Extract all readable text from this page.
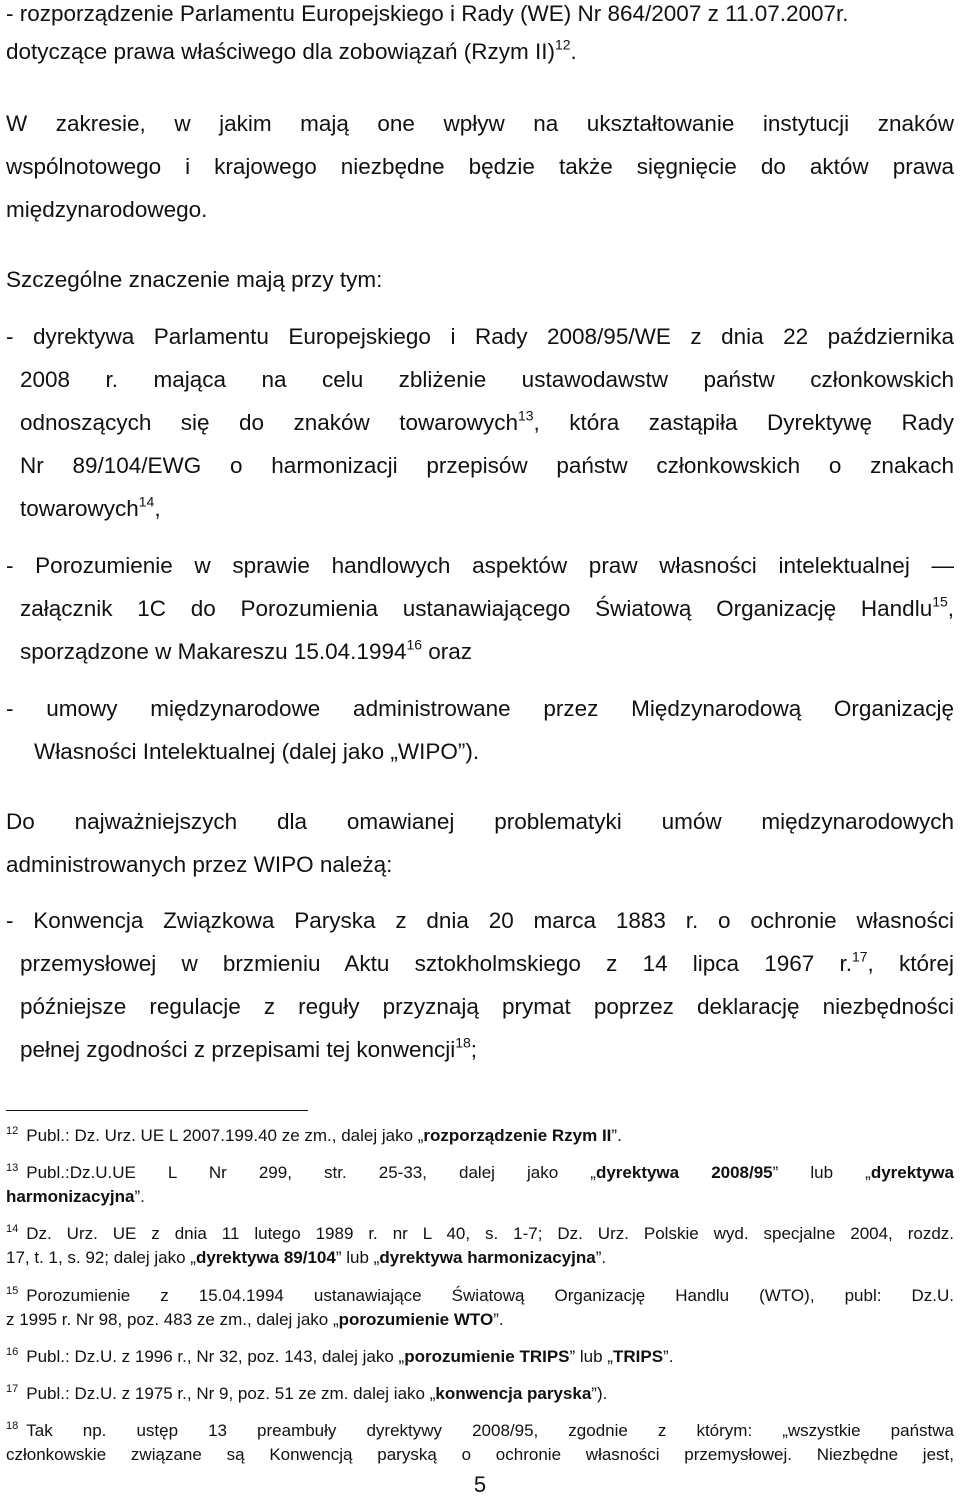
- rozporządzenie Parlamentu Europejskiego i Rady (WE) Nr 864/2007 z 11.07.2007r.
dotyczące prawa właściwego dla zobowiązań (Rzym II)$^{12}$.
W zakresie, w jakim mają one wpływ na ukształtowanie instytucji znaków
wspólnotowego i krajowego niezbędne będzie także sięgnięcie do aktów prawa
międzynarodowego.
Szczególne znaczenie mają przy tym:
- dyrektywa Parlamentu Europejskiego i Rady 2008/95/WE z dnia 22 października
2008 r. mająca na celu zbliżenie ustawodawstw państw członkowskich
odnoszących się do znaków towarowych$^{13}$, która zastąpiła Dyrektywę Rady
Nr 89/104/EWG o harmonizacji przepisów państw członkowskich o znakach
towarowych$^{14}$,
- Porozumienie w sprawie handlowych aspektów praw własności intelektualnej —
załącznik 1C do Porozumienia ustanawiającego Światową Organizację Handlu$^{15}$,
sporządzone w Makareszu 15.04.1994$^{16}$ oraz
- umowy międzynarodowe administrowane przez Międzynarodową Organizację
Własności Intelektualnej (dalej jako „WIPO”).
Do najważniejszych dla omawianej problematyki umów międzynarodowych
administrowanych przez WIPO należą:
- Konwencja Związkowa Paryska z dnia 20 marca 1883 r. o ochronie własności
przemysłowej w brzmieniu Aktu sztokholmskiego z 14 lipca 1967 r.$^{17}$, której
późniejsze regulacje z reguły przyznają prymat poprzez deklarację niezbędności
pełnej zgodności z przepisami tej konwencji$^{18}$;
$^{12}$ Publ.: Dz. Urz. UE L 2007.199.40 ze zm., dalej jako „rozporządzenie Rzym II”.
$^{13}$ Publ.:Dz.U.UE L Nr 299, str. 25-33, dalej jako „dyrektywa 2008/95” lub „dyrektywa
harmonizacyjna”.
$^{14}$ Dz. Urz. UE z dnia 11 lutego 1989 r. nr L 40, s. 1-7; Dz. Urz. Polskie wyd. specjalne 2004, rozdz.
17, t. 1, s. 92; dalej jako „dyrektywa 89/104” lub „dyrektywa harmonizacyjna”.
$^{15}$ Porozumienie z 15.04.1994 ustanawiające Światową Organizację Handlu (WTO), publ: Dz.U.
z 1995 r. Nr 98, poz. 483 ze zm., dalej jako „porozumienie WTO”.
$^{16}$ Publ.: Dz.U. z 1996 r., Nr 32, poz. 143, dalej jako „porozumienie TRIPS” lub „TRIPS”.
$^{17}$ Publ.: Dz.U. z 1975 r., Nr 9, poz. 51 ze zm. dalej iako „konwencja paryska”).
$^{18}$ Tak np. ustęp 13 preambuły dyrektywy 2008/95, zgodnie z którym: „wszystkie państwa
członkowskie związane są Konwencją paryską o ochronie własności przemysłowej. Niezbędne jest,
5
